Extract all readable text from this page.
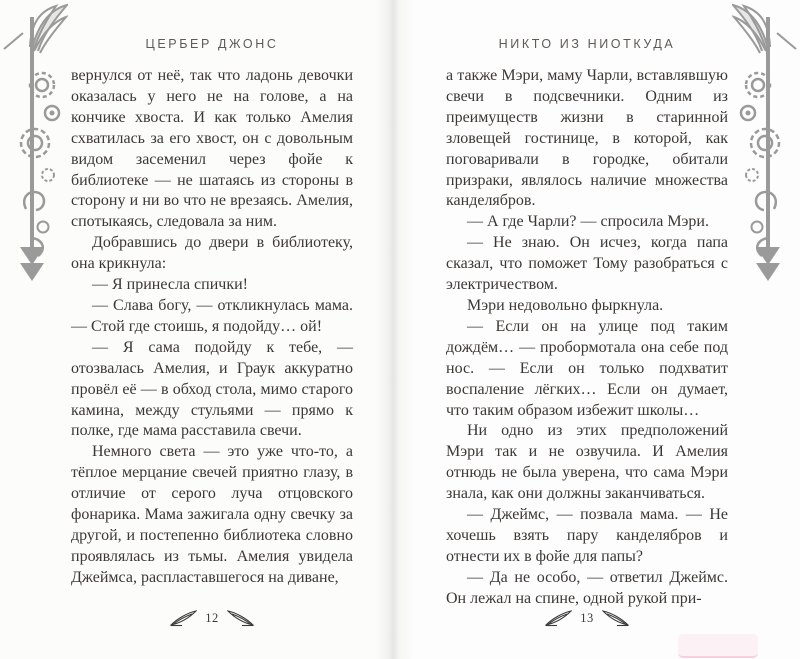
ЦЕРБЕР ДЖОНС

вернулся от неё, так что ладонь девочки оказалась у него не на голове, а на кончике хвоста. И как только Амелия схватилась за его хвост, он с довольным видом засеменил через фойе к библиотеке — не шатаясь из стороны в сторону и ни во что не врезаясь. Амелия, спотыкаясь, следовала за ним.

Добравшись до двери в библиотеку, она крикнула:

— Я принесла спички!

— Слава богу, — откликнулась мама. — Стой где стоишь, я подойду… ой!

— Я сама подойду к тебе, — отозвалась Амелия, и Граук аккуратно провёл её — в обход стола, мимо старого камина, между стульями — прямо к полке, где мама расставила свечи.

Немного света — это уже что-то, а тёплое мерцание свечей приятно глазу, в отличие от серого луча отцовского фонарика. Мама зажигала одну свечку за другой, и постепенно библиотека словно проявлялась из тьмы. Амелия увидела Джеймса, распластавшегося на диване,

12
НИКТО ИЗ НИОТКУДА

а также Мэри, маму Чарли, вставлявшую свечи в подсвечники. Одним из преимуществ жизни в старинной зловещей гостинице, в которой, как поговаривали в городке, обитали призраки, являлось наличие множества канделябров.

— А где Чарли? — спросила Мэри.

— Не знаю. Он исчез, когда папа сказал, что поможет Тому разобраться с электричеством.

Мэри недовольно фыркнула.

— Если он на улице под таким дождём… — пробормотала она себе под нос. — Если он только подхватит воспаление лёгких… Если он думает, что таким образом избежит школы…

Ни одно из этих предположений Мэри так и не озвучила. И Амелия отнюдь не была уверена, что сама Мэри знала, как они должны заканчиваться.

— Джеймс, — позвала мама. — Не хочешь взять пару канделябров и отнести их в фойе для папы?

— Да не особо, — ответил Джеймс. Он лежал на спине, одной рукой при-

13
